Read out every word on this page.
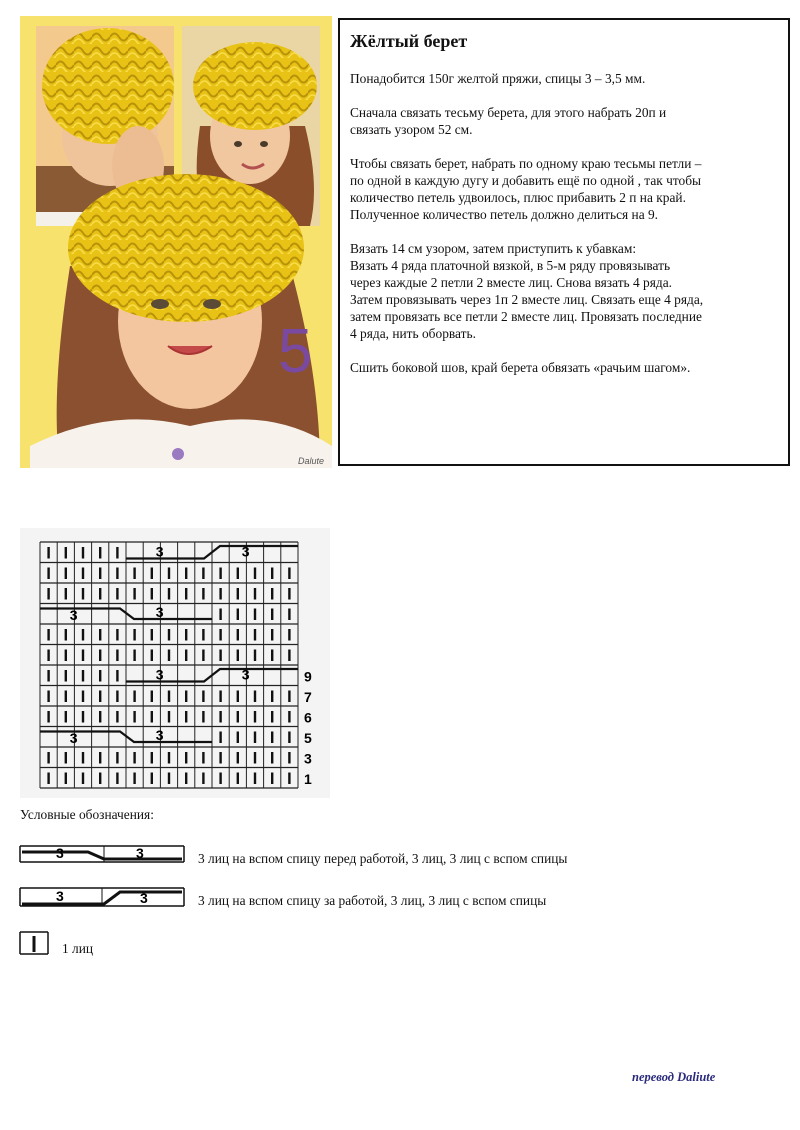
5
Dalute
Жёлтый берет
Понадобится 150г желтой пряжи, спицы 3 – 3,5 мм.
Сначала связать тесьму берета, для этого набрать 20п и
связать узором 52 см.
Чтобы связать берет, набрать по одному краю тесьмы петли –
по одной в каждую дугу и добавить ещё по одной , так чтобы
количество петель удвоилось, плюс прибавить 2 п на край.
Полученное количество петель должно делиться на 9.
Вязать 14 см узором, затем приступить к убавкам:
Вязать 4 ряда платочной вязкой, в 5-м ряду провязывать
через каждые 2 петли 2 вместе лиц. Снова вязать 4 ряда.
Затем провязывать через 1п 2 вместе лиц. Связать еще 4 ряда,
затем провязать все петли 2 вместе лиц. Провязать последние
4 ряда, нить оборвать.
Сшить боковой шов, край берета обвязать «рачьим шагом».
3	3
3	3
3	3
3	3
9
7
6
5
3
1
Условные обозначения:
3	3	3 лиц на вспом спицу перед работой, 3 лиц, 3 лиц с вспом спицы
3	3	3 лиц на вспом спицу за работой, 3 лиц, 3 лиц с вспом спицы
1 лиц
перевод Daliute
